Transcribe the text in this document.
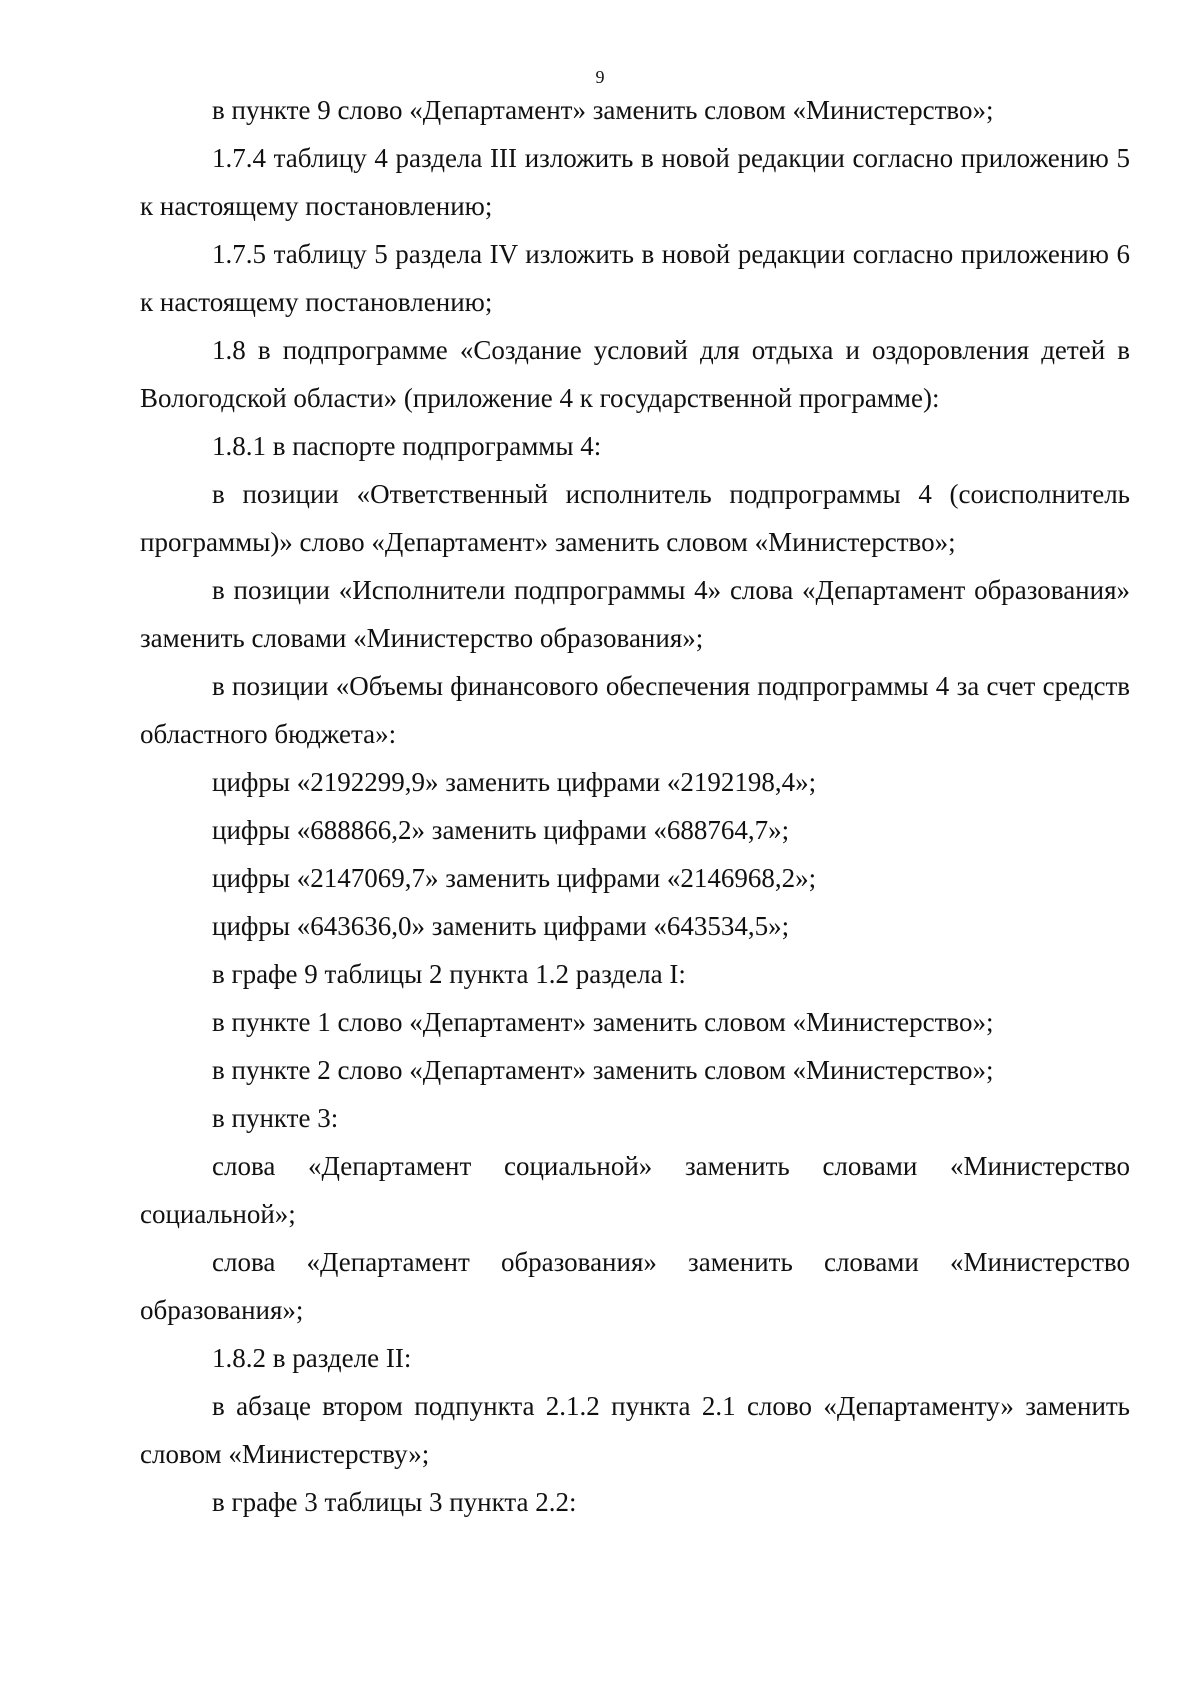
9

в пункте 9 слово «Департамент» заменить словом «Министерство»;

1.7.4 таблицу 4 раздела III изложить в новой редакции согласно приложению 5 к настоящему постановлению;

1.7.5 таблицу 5 раздела IV изложить в новой редакции согласно приложению 6 к настоящему постановлению;

1.8 в подпрограмме «Создание условий для отдыха и оздоровления детей в Вологодской области» (приложение 4 к государственной программе):

1.8.1 в паспорте подпрограммы 4:

в позиции «Ответственный исполнитель подпрограммы 4 (соисполнитель программы)» слово «Департамент» заменить словом «Министерство»;

в позиции «Исполнители подпрограммы 4» слова «Департамент образования» заменить словами «Министерство образования»;

в позиции «Объемы финансового обеспечения подпрограммы 4 за счет средств областного бюджета»:

цифры «2192299,9» заменить цифрами «2192198,4»;

цифры «688866,2» заменить цифрами «688764,7»;

цифры «2147069,7» заменить цифрами «2146968,2»;

цифры «643636,0» заменить цифрами «643534,5»;

в графе 9 таблицы 2 пункта 1.2 раздела I:

в пункте 1 слово «Департамент» заменить словом «Министерство»;

в пункте 2 слово «Департамент» заменить словом «Министерство»;

в пункте 3:

слова «Департамент социальной» заменить словами «Министерство социальной»;

слова «Департамент образования» заменить словами «Министерство образования»;

1.8.2 в разделе II:

в абзаце втором подпункта 2.1.2 пункта 2.1 слово «Департаменту» заменить словом «Министерству»;

в графе 3 таблицы 3 пункта 2.2:
